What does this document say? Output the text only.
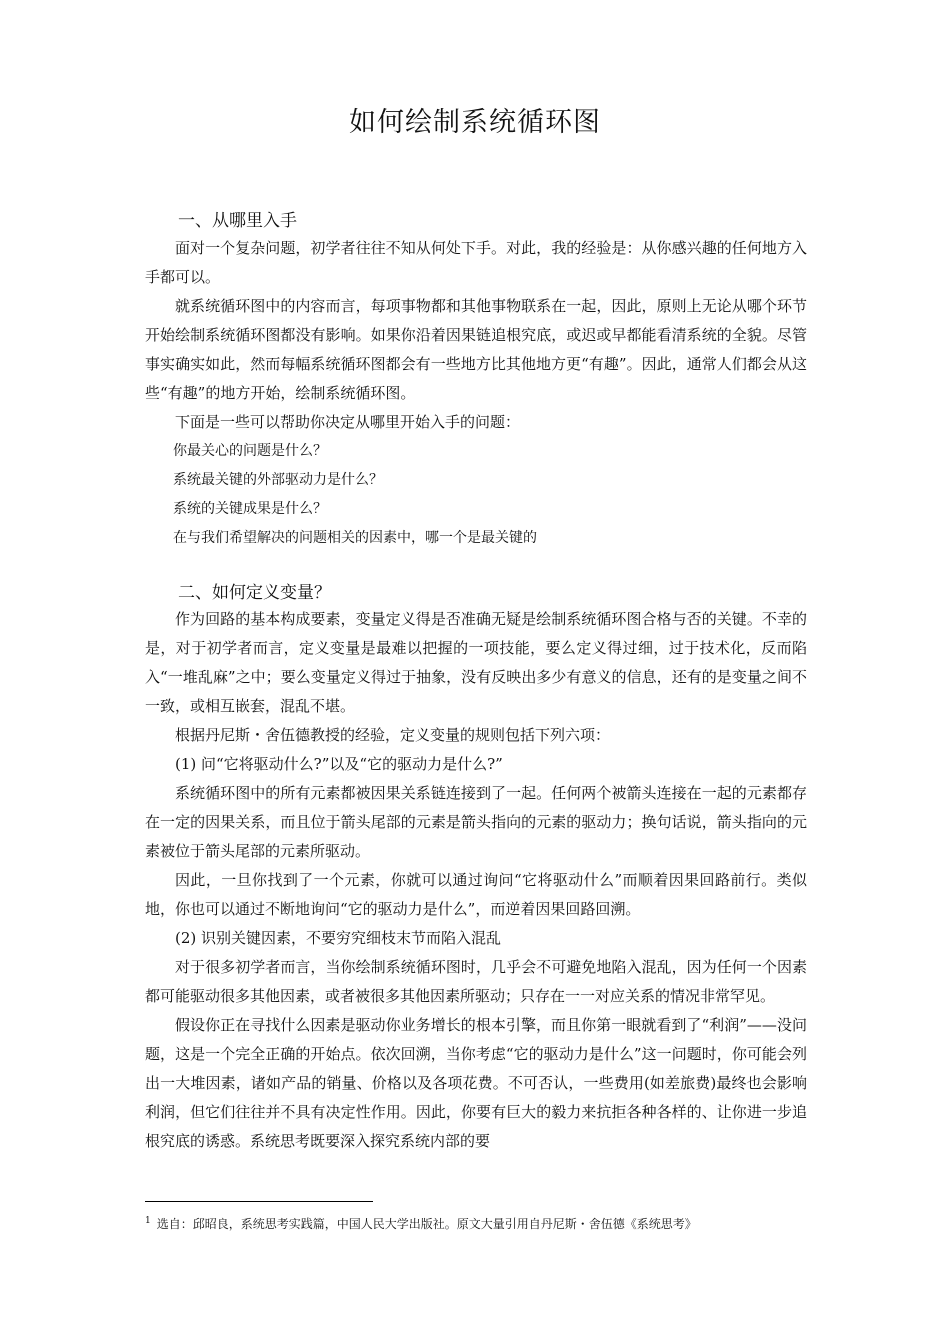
如何绘制系统循环图
一、从哪里入手

面对一个复杂问题，初学者往往不知从何处下手。对此，我的经验是：从你感兴趣的任何地方入手都可以。

就系统循环图中的内容而言，每项事物都和其他事物联系在一起，因此，原则上无论从哪个环节开始绘制系统循环图都没有影响。如果你沿着因果链追根究底，或迟或早都能看清系统的全貌。尽管事实确实如此，然而每幅系统循环图都会有一些地方比其他地方更“有趣”。因此，通常人们都会从这些“有趣”的地方开始，绘制系统循环图。

下面是一些可以帮助你决定从哪里开始入手的问题：

你最关心的问题是什么？

系统最关键的外部驱动力是什么？

系统的关键成果是什么？

在与我们希望解决的问题相关的因素中，哪一个是最关键的

二、如何定义变量？

作为回路的基本构成要素，变量定义得是否准确无疑是绘制系统循环图合格与否的关键。不幸的是，对于初学者而言，定义变量是最难以把握的一项技能，要么定义得过细，过于技术化，反而陷入“一堆乱麻”之中；要么变量定义得过于抽象，没有反映出多少有意义的信息，还有的是变量之间不一致，或相互嵌套，混乱不堪。

根据丹尼斯・舍伍德教授的经验，定义变量的规则包括下列六项：

(1) 问“它将驱动什么?”以及“它的驱动力是什么?”

系统循环图中的所有元素都被因果关系链连接到了一起。任何两个被箭头连接在一起的元素都存在一定的因果关系，而且位于箭头尾部的元素是箭头指向的元素的驱动力；换句话说，箭头指向的元素被位于箭头尾部的元素所驱动。

因此，一旦你找到了一个元素，你就可以通过询问“它将驱动什么”而顺着因果回路前行。类似地，你也可以通过不断地询问“它的驱动力是什么”，而逆着因果回路回溯。

(2) 识别关键因素，不要穷究细枝末节而陷入混乱

对于很多初学者而言，当你绘制系统循环图时，几乎会不可避免地陷入混乱，因为任何一个因素都可能驱动很多其他因素，或者被很多其他因素所驱动；只存在一一对应关系的情况非常罕见。

假设你正在寻找什么因素是驱动你业务增长的根本引擎，而且你第一眼就看到了“利润”——没问题，这是一个完全正确的开始点。依次回溯，当你考虑“它的驱动力是什么”这一问题时，你可能会列出一大堆因素，诸如产品的销量、价格以及各项花费。不可否认，一些费用(如差旅费)最终也会影响利润，但它们往往并不具有决定性作用。因此，你要有巨大的毅力来抗拒各种各样的、让你进一步追根究底的诱惑。系统思考既要深入探究系统内部的要

$^1$ 选自：邱昭良，系统思考实践篇，中国人民大学出版社。原文大量引用自丹尼斯・舍伍德《系统思考》
